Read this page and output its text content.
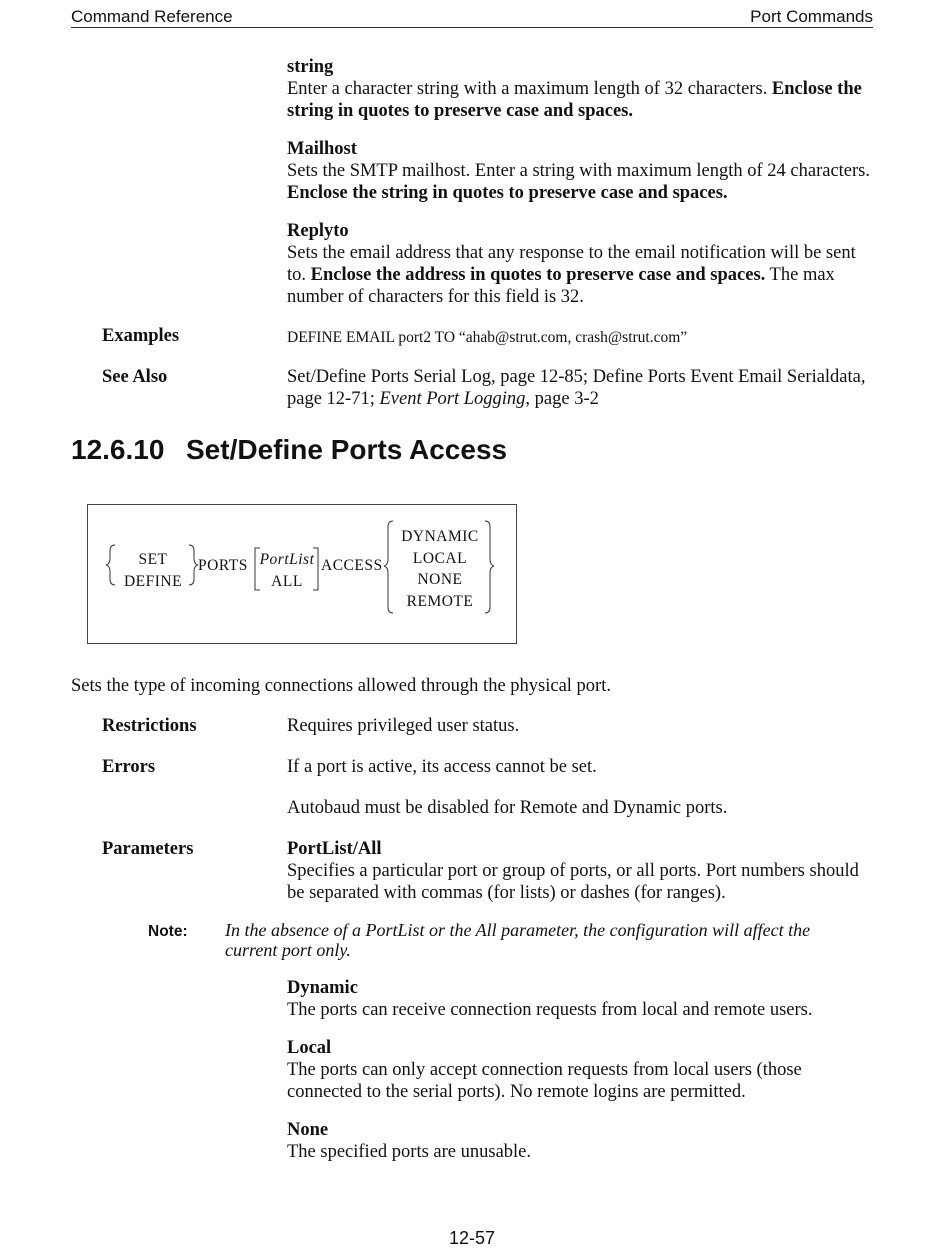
Command Reference	Port Commands
string
Enter a character string with a maximum length of 32 characters. Enclose the string in quotes to preserve case and spaces.
Mailhost
Sets the SMTP mailhost. Enter a string with maximum length of 24 characters. Enclose the string in quotes to preserve case and spaces.
Replyto
Sets the email address that any response to the email notification will be sent to. Enclose the address in quotes to preserve case and spaces. The max number of characters for this field is 32.
Examples	DEFINE EMAIL port2 TO “ahab@strut.com, crash@strut.com”
See Also	Set/Define Ports Serial Log, page 12-85; Define Ports Event Email Serialdata, page 12-71; Event Port Logging, page 3-2
12.6.10 Set/Define Ports Access
SET
DEFINE
PORTS PortList
ALL
ACCESS
DYNAMIC
LOCAL
NONE
REMOTE
Sets the type of incoming connections allowed through the physical port.
Restrictions	Requires privileged user status.
Errors	If a port is active, its access cannot be set.
Autobaud must be disabled for Remote and Dynamic ports.
Parameters	PortList/All
Specifies a particular port or group of ports, or all ports. Port numbers should be separated with commas (for lists) or dashes (for ranges).
Note: In the absence of a PortList or the All parameter, the configuration will affect the current port only.
Dynamic
The ports can receive connection requests from local and remote users.
Local
The ports can only accept connection requests from local users (those connected to the serial ports). No remote logins are permitted.
None
The specified ports are unusable.
12-57
